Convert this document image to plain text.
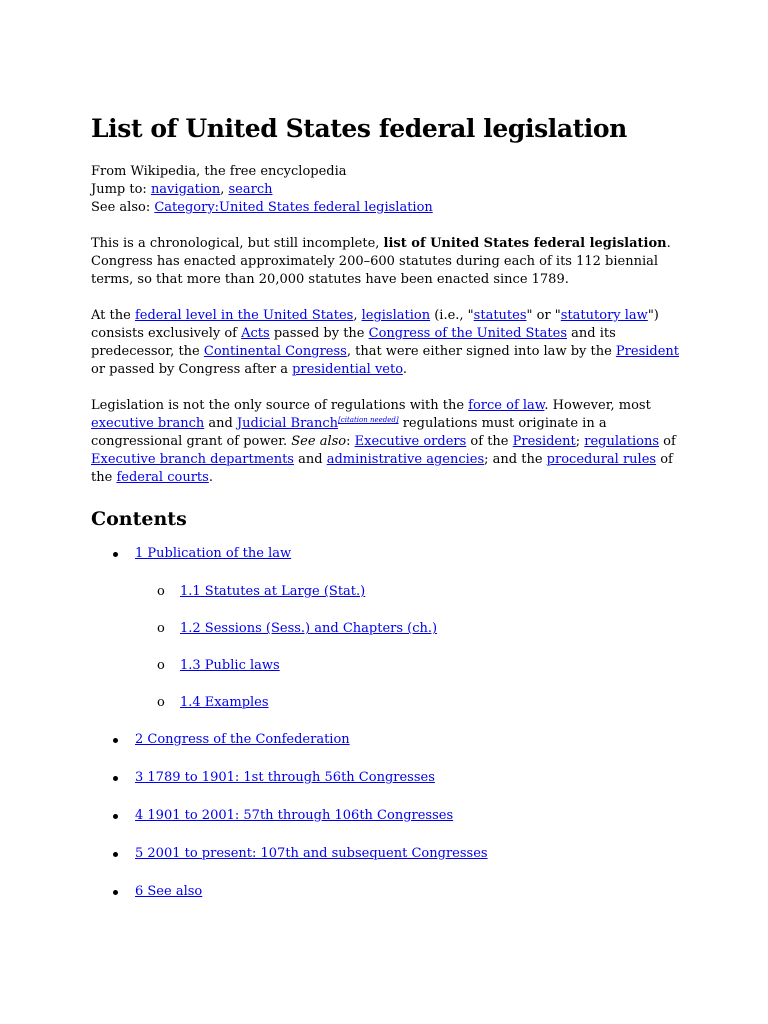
List of United States federal legislation
From Wikipedia, the free encyclopedia
Jump to: navigation, search
See also: Category:United States federal legislation

This is a chronological, but still incomplete, list of United States federal legislation. Congress has enacted approximately 200–600 statutes during each of its 112 biennial terms, so that more than 20,000 statutes have been enacted since 1789.

At the federal level in the United States, legislation (i.e., "statutes" or "statutory law") consists exclusively of Acts passed by the Congress of the United States and its predecessor, the Continental Congress, that were either signed into law by the President or passed by Congress after a presidential veto.

Legislation is not the only source of regulations with the force of law. However, most executive branch and Judicial Branch[citation needed] regulations must originate in a congressional grant of power. See also: Executive orders of the President; regulations of Executive branch departments and administrative agencies; and the procedural rules of the federal courts.

Contents
1 Publication of the law
o 1.1 Statutes at Large (Stat.)
o 1.2 Sessions (Sess.) and Chapters (ch.)
o 1.3 Public laws
o 1.4 Examples
2 Congress of the Confederation
3 1789 to 1901: 1st through 56th Congresses
4 1901 to 2001: 57th through 106th Congresses
5 2001 to present: 107th and subsequent Congresses
6 See also
